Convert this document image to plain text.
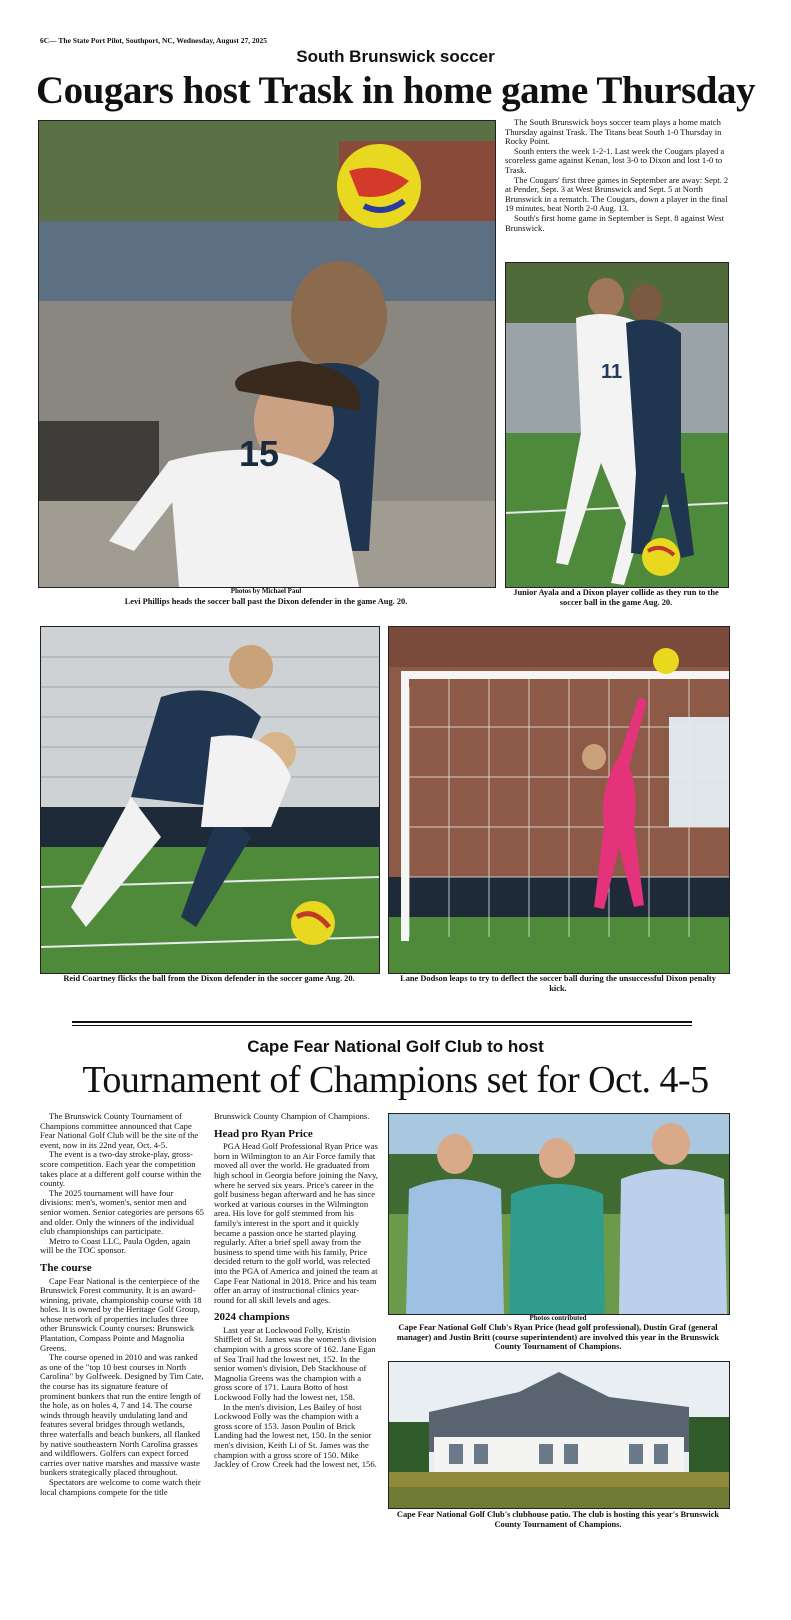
6C— The State Port Pilot, Southport, NC, Wednesday, August 27, 2025
South Brunswick soccer
Cougars host Trask in home game Thursday
15
Photos by Michael Paul
Levi Phillips heads the soccer ball past the Dixon defender in the game Aug. 20.

The South Brunswick boys soccer team plays a home match Thursday against Trask. The Titans beat South 1-0 Thursday in Rocky Point.

South enters the week 1-2-1. Last week the Cougars played a scoreless game against Kenan, lost 3-0 to Dixon and lost 1-0 to Trask.

The Cougars' first three games in September are away: Sept. 2 at Pender, Sept. 3 at West Brunswick and Sept. 5 at North Brunswick in a rematch. The Cougars, down a player in the final 19 minutes, beat North 2-0 Aug. 13.

South's first home game in September is Sept. 8 against West Brunswick.

11
Junior Ayala and a Dixon player collide as they run to the soccer ball in the game Aug. 20.
Reid Coartney flicks the ball from the Dixon defender in the soccer game Aug. 20.	Lane Dodson leaps to try to deflect the soccer ball during the unsuccessful Dixon penalty kick.
Cape Fear National Golf Club to host
Tournament of Champions set for Oct. 4-5

The Brunswick County Tournament of Champions committee announced that Cape Fear National Golf Club will be the site of the event, now in its 22nd year, Oct. 4-5.

The event is a two-day stroke-play, gross-score competition. Each year the competition takes place at a different golf course within the county.

The 2025 tournament will have four divisions: men's, women's, senior men and senior women. Senior categories are persons 65 and older. Only the winners of the individual club championships can participate.

Metro to Coast LLC, Paula Ogden, again will be the TOC sponsor.

The course

Cape Fear National is the centerpiece of the Brunswick Forest community. It is an award-winning, private, championship course with 18 holes. It is owned by the Heritage Golf Group, whose network of properties includes three other Brunswick County courses: Brunswick Plantation, Compass Pointe and Magnolia Greens.

The course opened in 2010 and was ranked as one of the "top 10 best courses in North Carolina" by Golfweek. Designed by Tim Cate, the course has its signature feature of prominent bunkers that run the entire length of the hole, as on holes 4, 7 and 14. The course winds through heavily undulating land and features several bridges through wetlands, three waterfalls and beach bunkers, all flanked by native southeastern North Carolina grasses and wildflowers. Golfers can expect forced carries over native marshes and massive waste bunkers strategically placed throughout.

Spectators are welcome to come watch their local champions compete for the title

Brunswick County Champion of Champions.

Head pro Ryan Price

PGA Head Golf Professional Ryan Price was born in Wilmington to an Air Force family that moved all over the world. He graduated from high school in Georgia before joining the Navy, where he served six years. Price's career in the golf business began afterward and he has since worked at various courses in the Wilmington area. His love for golf stemmed from his family's interest in the sport and it quickly became a passion once he started playing regularly. After a brief spell away from the business to spend time with his family, Price decided return to the golf world, was relected into the PGA of America and joined the team at Cape Fear National in 2018. Price and his team offer an array of instructional clinics year-round for all skill levels and ages.

2024 champions

Last year at Lockwood Folly, Kristin Shifflett of St. James was the women's division champion with a gross score of 162. Jane Egan of Sea Trail had the lowest net, 152. In the senior women's division, Deb Stackhouse of Magnolia Greens was the champion with a gross score of 171. Laura Botto of host Lockwood Folly had the lowest net, 158.

In the men's division, Les Bailey of host Lockwood Folly was the champion with a gross score of 153. Jason Poulin of Brick Landing had the lowest net, 150. In the senior men's division, Keith Li of St. James was the champion with a gross score of 150. Mike Jackley of Crow Creek had the lowest net, 156.

Photos contributed
Cape Fear National Golf Club's Ryan Price (head golf professional), Dustin Graf (general manager) and Justin Britt (course superintendent) are involved this year in the Brunswick County Tournament of Champions.
Cape Fear National Golf Club's clubhouse patio. The club is hosting this year's Brunswick County Tournament of Champions.
